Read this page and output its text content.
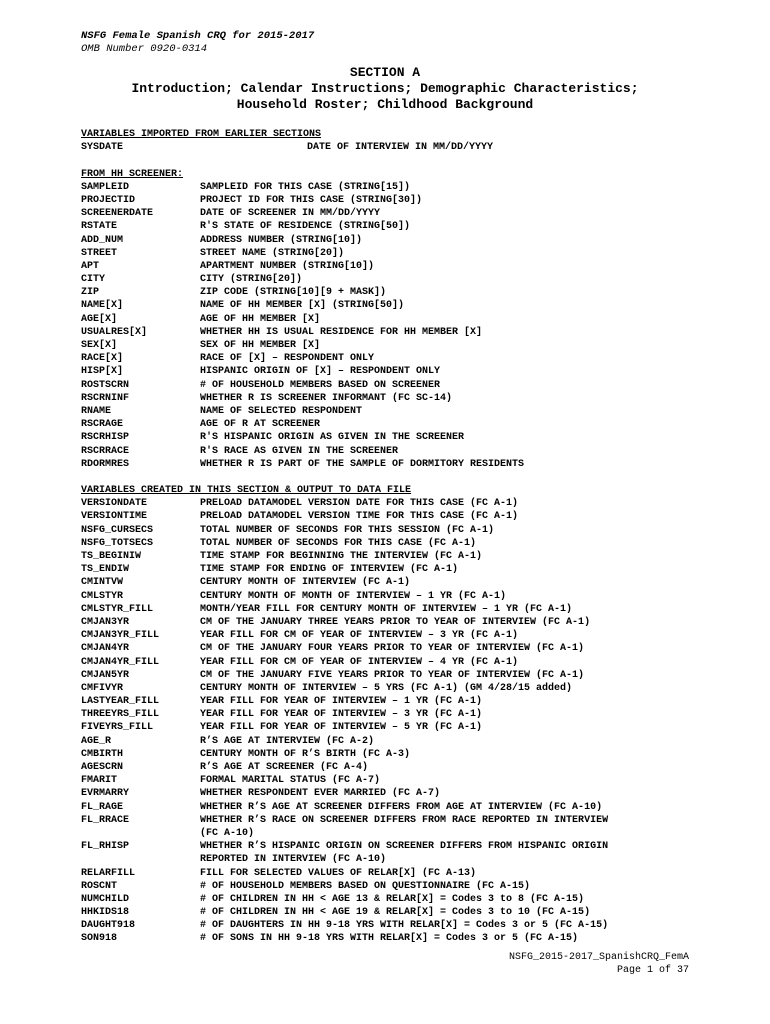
NSFG Female Spanish CRQ for 2015-2017
OMB Number 0920-0314
SECTION A
Introduction; Calendar Instructions; Demographic Characteristics;
Household Roster; Childhood Background
VARIABLES IMPORTED FROM EARLIER SECTIONS
SYSDATE	DATE OF INTERVIEW IN MM/DD/YYYY
FROM HH SCREENER:
SAMPLEID	SAMPLEID FOR THIS CASE (STRING[15])
PROJECTID	PROJECT ID FOR THIS CASE (STRING[30])
SCREENERDATE	DATE OF SCREENER IN MM/DD/YYYY
RSTATE	R'S STATE OF RESIDENCE (STRING[50])
ADD_NUM	ADDRESS NUMBER (STRING[10])
STREET	STREET NAME (STRING[20])
APT	APARTMENT NUMBER (STRING[10])
CITY	CITY (STRING[20])
ZIP	ZIP CODE (STRING[10][9 + MASK])
NAME[X]	NAME OF HH MEMBER [X] (STRING[50])
AGE[X]	AGE OF HH MEMBER [X]
USUALRES[X]	WHETHER HH IS USUAL RESIDENCE FOR HH MEMBER [X]
SEX[X]	SEX OF HH MEMBER [X]
RACE[X]	RACE OF [X] – RESPONDENT ONLY
HISP[X]	HISPANIC ORIGIN OF [X] – RESPONDENT ONLY
ROSTSCRN	# OF HOUSEHOLD MEMBERS BASED ON SCREENER
RSCRNINF	WHETHER R IS SCREENER INFORMANT (FC SC-14)
RNAME	NAME OF SELECTED RESPONDENT
RSCRAGE	AGE OF R AT SCREENER
RSCRHISP	R'S HISPANIC ORIGIN AS GIVEN IN THE SCREENER
RSCRRACE	R'S RACE AS GIVEN IN THE SCREENER
RDORMRES	WHETHER R IS PART OF THE SAMPLE OF DORMITORY RESIDENTS
VARIABLES CREATED IN THIS SECTION & OUTPUT TO DATA FILE
VERSIONDATE	PRELOAD DATAMODEL VERSION DATE FOR THIS CASE (FC A-1)
VERSIONTIME	PRELOAD DATAMODEL VERSION TIME FOR THIS CASE (FC A-1)
NSFG_CURSECS	TOTAL NUMBER OF SECONDS FOR THIS SESSION (FC A-1)
NSFG_TOTSECS	TOTAL NUMBER OF SECONDS FOR THIS CASE (FC A-1)
TS_BEGINIW	TIME STAMP FOR BEGINNING THE INTERVIEW (FC A-1)
TS_ENDIW	TIME STAMP FOR ENDING OF INTERVIEW (FC A-1)
CMINTVW	CENTURY MONTH OF INTERVIEW (FC A-1)
CMLSTYR	CENTURY MONTH OF MONTH OF INTERVIEW – 1 YR (FC A-1)
CMLSTYR_FILL	MONTH/YEAR FILL FOR CENTURY MONTH OF INTERVIEW – 1 YR (FC A-1)
CMJAN3YR	CM OF THE JANUARY THREE YEARS PRIOR TO YEAR OF INTERVIEW (FC A-1)
CMJAN3YR_FILL	YEAR FILL FOR CM OF YEAR OF INTERVIEW – 3 YR (FC A-1)
CMJAN4YR	CM OF THE JANUARY FOUR YEARS PRIOR TO YEAR OF INTERVIEW (FC A-1)
CMJAN4YR_FILL	YEAR FILL FOR CM OF YEAR OF INTERVIEW – 4 YR (FC A-1)
CMJAN5YR	CM OF THE JANUARY FIVE YEARS PRIOR TO YEAR OF INTERVIEW (FC A-1)
CMFIVYR	CENTURY MONTH OF INTERVIEW – 5 YRS (FC A-1) (GM 4/28/15 added)
LASTYEAR_FILL	YEAR FILL FOR YEAR OF INTERVIEW – 1 YR (FC A-1)
THREEYRS_FILL	YEAR FILL FOR YEAR OF INTERVIEW – 3 YR (FC A-1)
FIVEYRS_FILL	YEAR FILL FOR YEAR OF INTERVIEW – 5 YR (FC A-1)
AGE_R	R’S AGE AT INTERVIEW (FC A-2)
CMBIRTH	CENTURY MONTH OF R’S BIRTH (FC A-3)
AGESCRN	R’S AGE AT SCREENER (FC A-4)
FMARIT	FORMAL MARITAL STATUS (FC A-7)
EVRMARRY	WHETHER RESPONDENT EVER MARRIED (FC A-7)
FL_RAGE	WHETHER R’S AGE AT SCREENER DIFFERS FROM AGE AT INTERVIEW (FC A-10)
FL_RRACE	WHETHER R’S RACE ON SCREENER DIFFERS FROM RACE REPORTED IN INTERVIEW
(FC A-10)
FL_RHISP	WHETHER R’S HISPANIC ORIGIN ON SCREENER DIFFERS FROM HISPANIC ORIGIN
REPORTED IN INTERVIEW (FC A-10)
RELARFILL	FILL FOR SELECTED VALUES OF RELAR[X] (FC A-13)
ROSCNT	# OF HOUSEHOLD MEMBERS BASED ON QUESTIONNAIRE (FC A-15)
NUMCHILD	# OF CHILDREN IN HH < AGE 13 & RELAR[X] = Codes 3 to 8 (FC A-15)
HHKIDS18	# OF CHILDREN IN HH < AGE 19 & RELAR[X] = Codes 3 to 10 (FC A-15)
DAUGHT918	# OF DAUGHTERS IN HH 9-18 YRS WITH RELAR[X] = Codes 3 or 5 (FC A-15)
SON918	# OF SONS IN HH 9-18 YRS WITH RELAR[X] = Codes 3 or 5 (FC A-15)
NSFG_2015-2017_SpanishCRQ_FemA
Page 1 of 37
